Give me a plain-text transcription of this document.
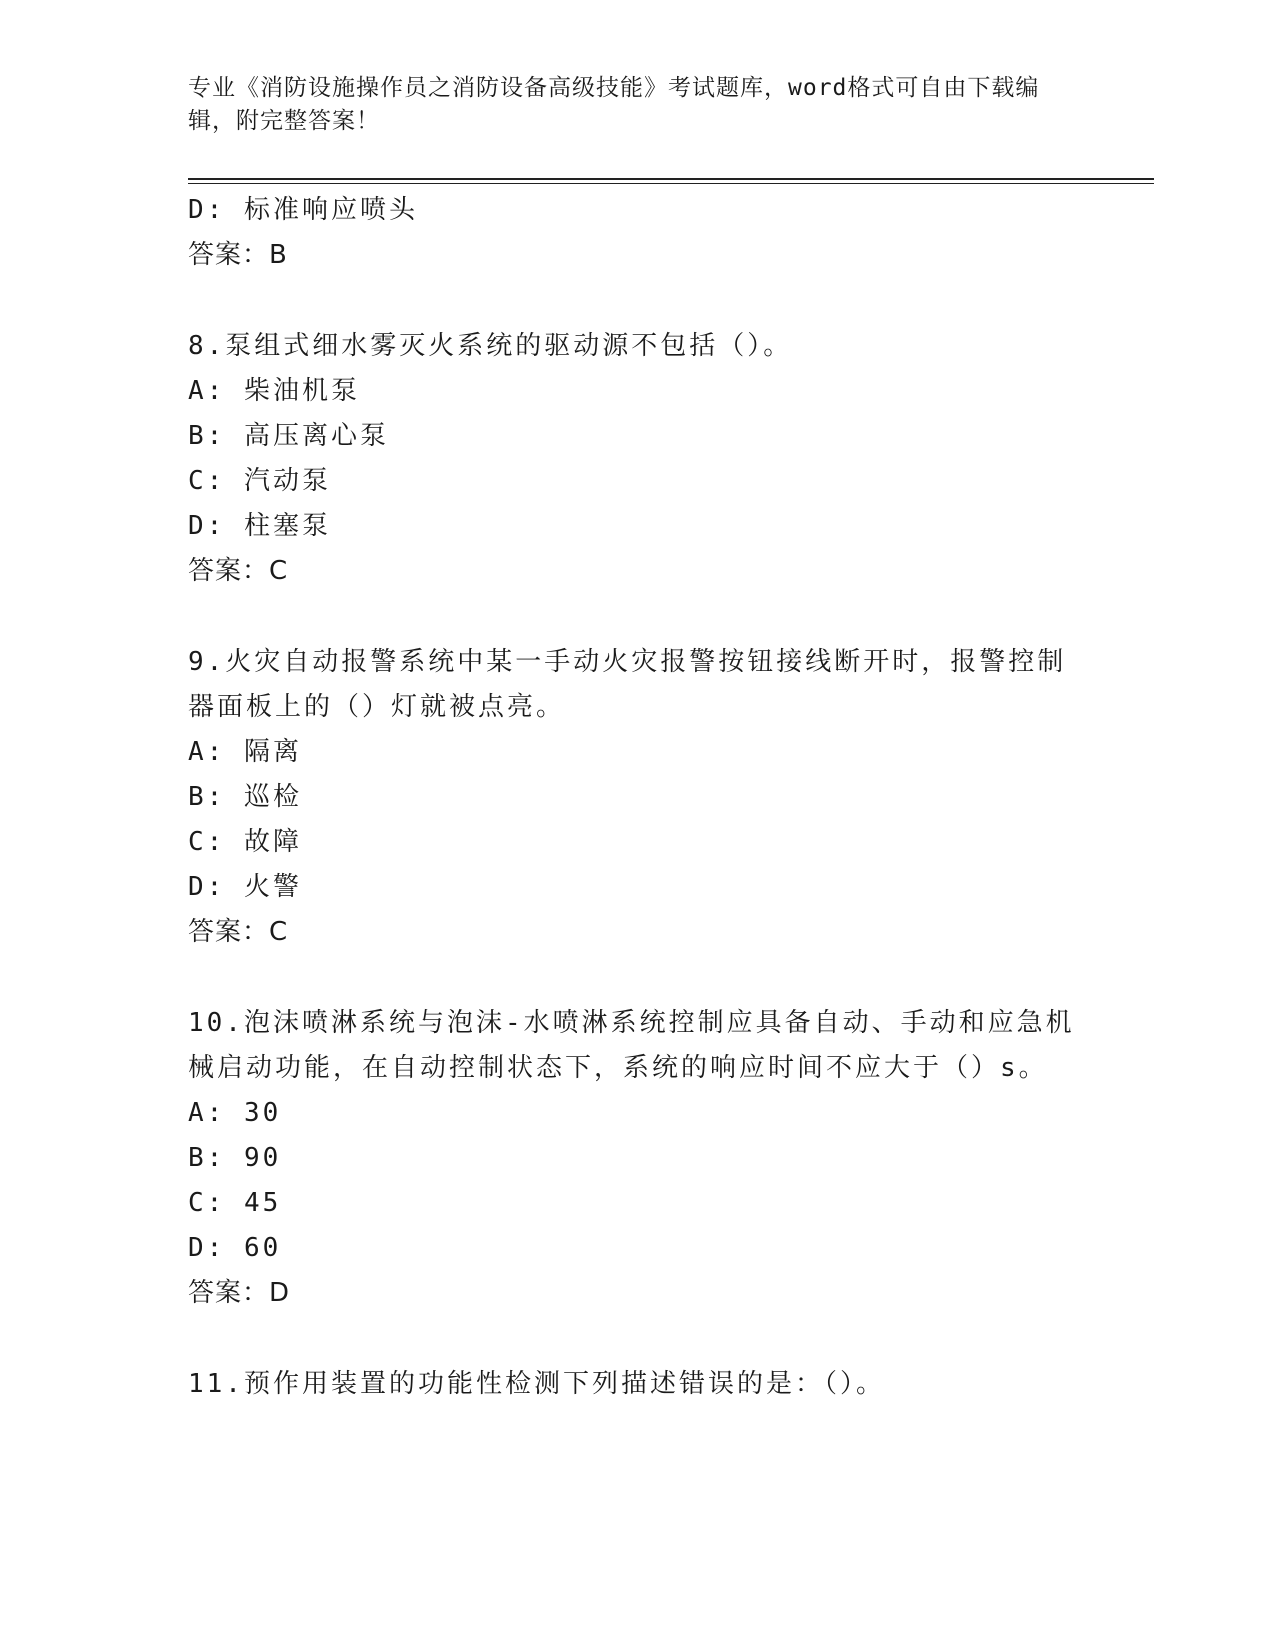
专业《消防设施操作员之消防设备高级技能》考试题库，word格式可自由下载编
辑，附完整答案！
D: 标准响应喷头
答案：B
8.泵组式细水雾灭火系统的驱动源不包括（）。
A: 柴油机泵
B: 高压离心泵
C: 汽动泵
D: 柱塞泵
答案：C
9.火灾自动报警系统中某一手动火灾报警按钮接线断开时，报警控制
器面板上的（）灯就被点亮。
A: 隔离
B: 巡检
C: 故障
D: 火警
答案：C
10.泡沫喷淋系统与泡沫-水喷淋系统控制应具备自动、手动和应急机
械启动功能，在自动控制状态下，系统的响应时间不应大于（）s。
A: 30
B: 90
C: 45
D: 60
答案：D
11.预作用装置的功能性检测下列描述错误的是：（）。
